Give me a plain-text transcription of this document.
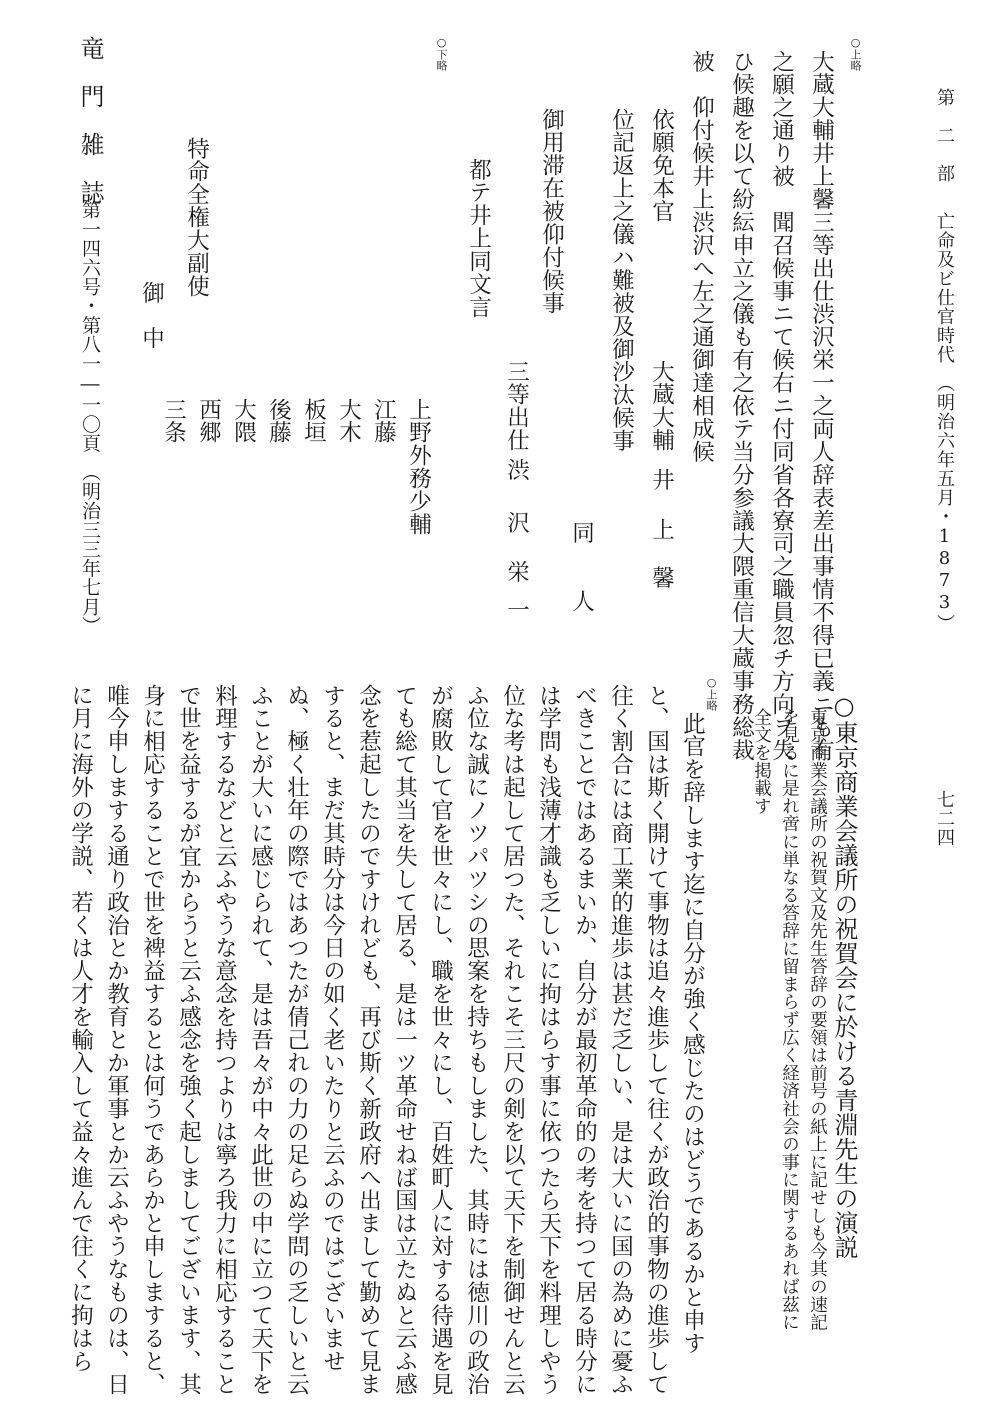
第　二　部
亡命及ビ仕官時代　（明治六年五月・1873）
七二四
○上略
大蔵大輔井上馨三等出仕渋沢栄一之両人辞表差出事情不得已義ニも有
之願之通り被　聞召候事ニて候右ニ付同省各寮司之職員忽チ方向ヲ失
ひ候趣を以て紛紜申立之儀も有之依テ当分参議大隈重信大蔵事務総裁
被　仰付候井上渋沢へ左之通御達相成候
依願免本官
大蔵大輔
井
上
馨
位記返上之儀ハ難被及御沙汰候事
同　　人
御用滞在被仰付候事
三等出仕
渋
沢
栄
一
都テ井上同文言
○下略
上野外務少輔
江藤
大木
板垣
後藤
大隈
西郷
三条
特命全権大副使
御　中
竜　門　雑　誌
第一四六号・第八一―一〇頁　（明治三三年七月）
○東京商業会議所の祝賀会に於ける青淵先生の演説
東京商業会議所の祝賀文及先生答辞の要領は前号の紙上に記せしも今其の速記
を見るに是れ啻に単なる答辞に留まらず広く経済社会の事に関するあれば茲に
全文を掲載す
○上略
此官を辞します迄に自分が強く感じたのはどうであるかと申す
と、国は斯く開けて事物は追々進歩して往くが政治的事物の進歩して
往く割合には商工業的進歩は甚だ乏しい、是は大いに国の為めに憂ふ
べきことではあるまいか、自分が最初革命的の考を持つて居る時分に
は学問も浅薄才識も乏しいに拘はらす事に依つたら天下を料理しやう
位な考は起して居つた、それこそ三尺の剣を以て天下を制御せんと云
ふ位な誠にノツパツシの思案を持ちもしました、其時には徳川の政治
が腐敗して官を世々にし、職を世々にし、百姓町人に対する待遇を見
ても総て其当を失して居る、是は一ツ革命せねば国は立たぬと云ふ感
念を惹起したのですけれども、再び斯く新政府へ出まして勤めて見ま
すると、まだ其時分は今日の如く老いたりと云ふのではございませ
ぬ、極く壮年の際ではあつたが倩己れの力の足らぬ学問の乏しいと云
ふことが大いに感じられて、是は吾々が中々此世の中に立つて天下を
料理するなどと云ふやうな意念を持つよりは寧ろ我力に相応すること
で世を益するが宜からうと云ふ感念を強く起しましてございます、其
身に相応することで世を裨益するとは何うであらかと申しますると、
唯今申しまする通り政治とか教育とか軍事とか云ふやうなものは、日
に月に海外の学説、若くは人才を輸入して益々進んで往くに拘はら
